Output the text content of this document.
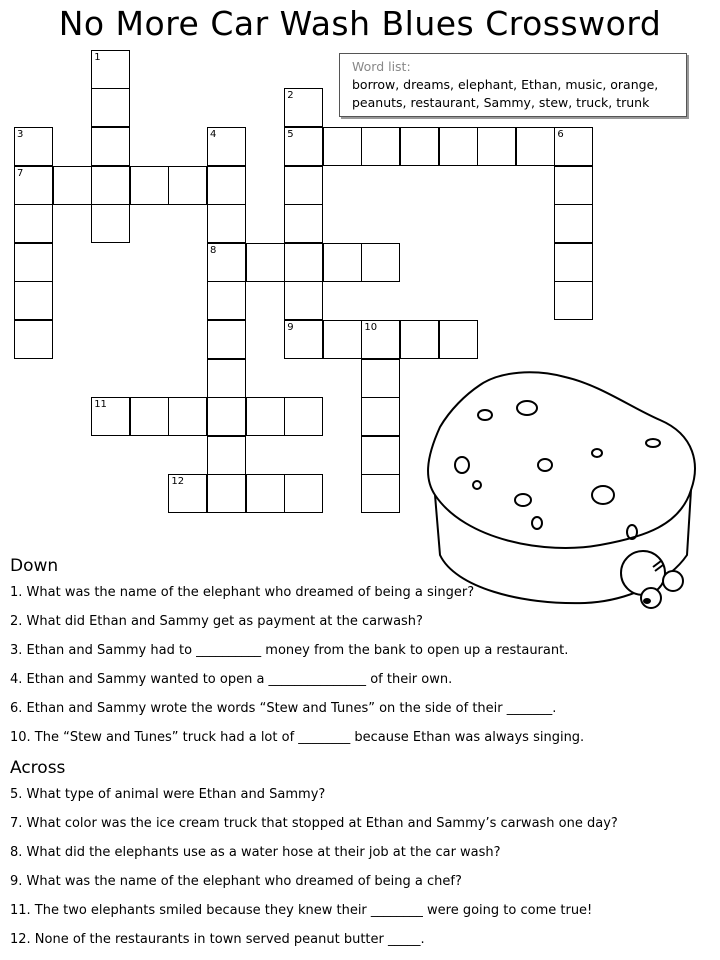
No More Car Wash Blues Crossword
Word list:
borrow, dreams, elephant, Ethan, music, orange,
peanuts, restaurant, Sammy, stew, truck, trunk
1
2
3	4	5	6
7
8
9	10
11
12
Down
1. What was the name of the elephant who dreamed of being a singer?
2. What did Ethan and Sammy get as payment at the carwash?
3. Ethan and Sammy had to __________ money from the bank to open up a restaurant.
4. Ethan and Sammy wanted to open a _______________ of their own.
6. Ethan and Sammy wrote the words “Stew and Tunes” on the side of their _______.
10. The “Stew and Tunes” truck had a lot of ________ because Ethan was always singing.
Across
5. What type of animal were Ethan and Sammy?
7. What color was the ice cream truck that stopped at Ethan and Sammy’s carwash one day?
8. What did the elephants use as a water hose at their job at the car wash?
9. What was the name of the elephant who dreamed of being a chef?
11. The two elephants smiled because they knew their ________ were going to come true!
12. None of the restaurants in town served peanut butter _____.
